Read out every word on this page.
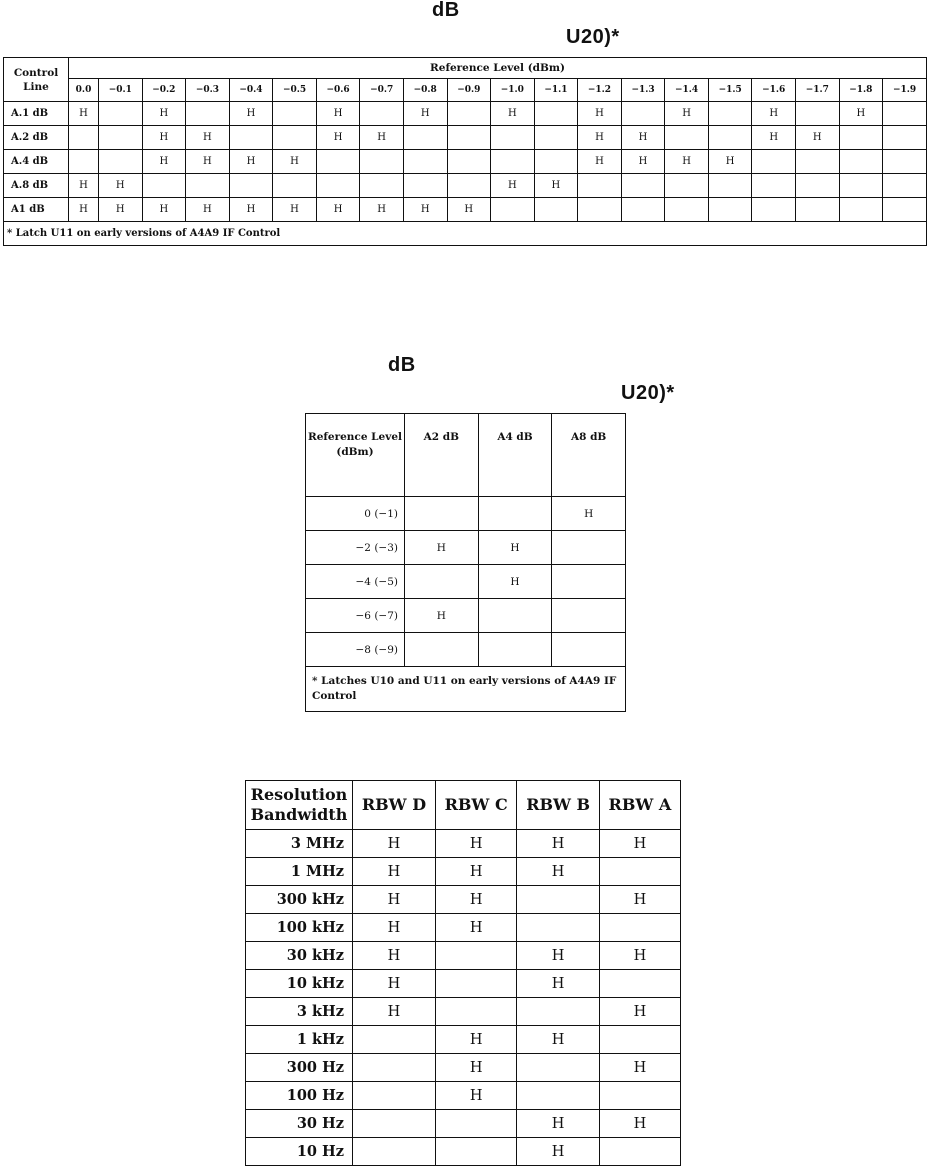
dB
U20)*
dB
U20)*
Control Line	Reference Level (dBm)																			
	0.0	−0.1	−0.2	−0.3	−0.4	−0.5	−0.6	−0.7	−0.8	−0.9	−1.0	−1.1	−1.2	−1.3	−1.4	−1.5	−1.6	−1.7	−1.8	−1.9
A.1 dB	H		H		H		H		H		H		H		H		H		H	
A.2 dB			H	H			H	H					H	H			H	H		
A.4 dB			H	H	H	H							H	H	H	H				
A.8 dB	H	H									H	H								
A1 dB	H	H	H	H	H	H	H	H	H	H										
* Latch U11 on early versions of A4A9 IF Control																				
Reference Level (dBm)	A2 dB	A4 dB	A8 dB
0 (−1)			H
−2 (−3)	H	H	
−4 (−5)		H	
−6 (−7)	H		
−8 (−9)			
* Latches U10 and U11 on early versions of A4A9 IF Control			
Resolution Bandwidth	RBW D	RBW C	RBW B	RBW A
3 MHz	H	H	H	H
1 MHz	H	H	H	
300 kHz	H	H		H
100 kHz	H	H		
30 kHz	H		H	H
10 kHz	H		H	
3 kHz	H			H
1 kHz		H	H	
300 Hz		H		H
100 Hz		H		
30 Hz			H	H
10 Hz			H	
